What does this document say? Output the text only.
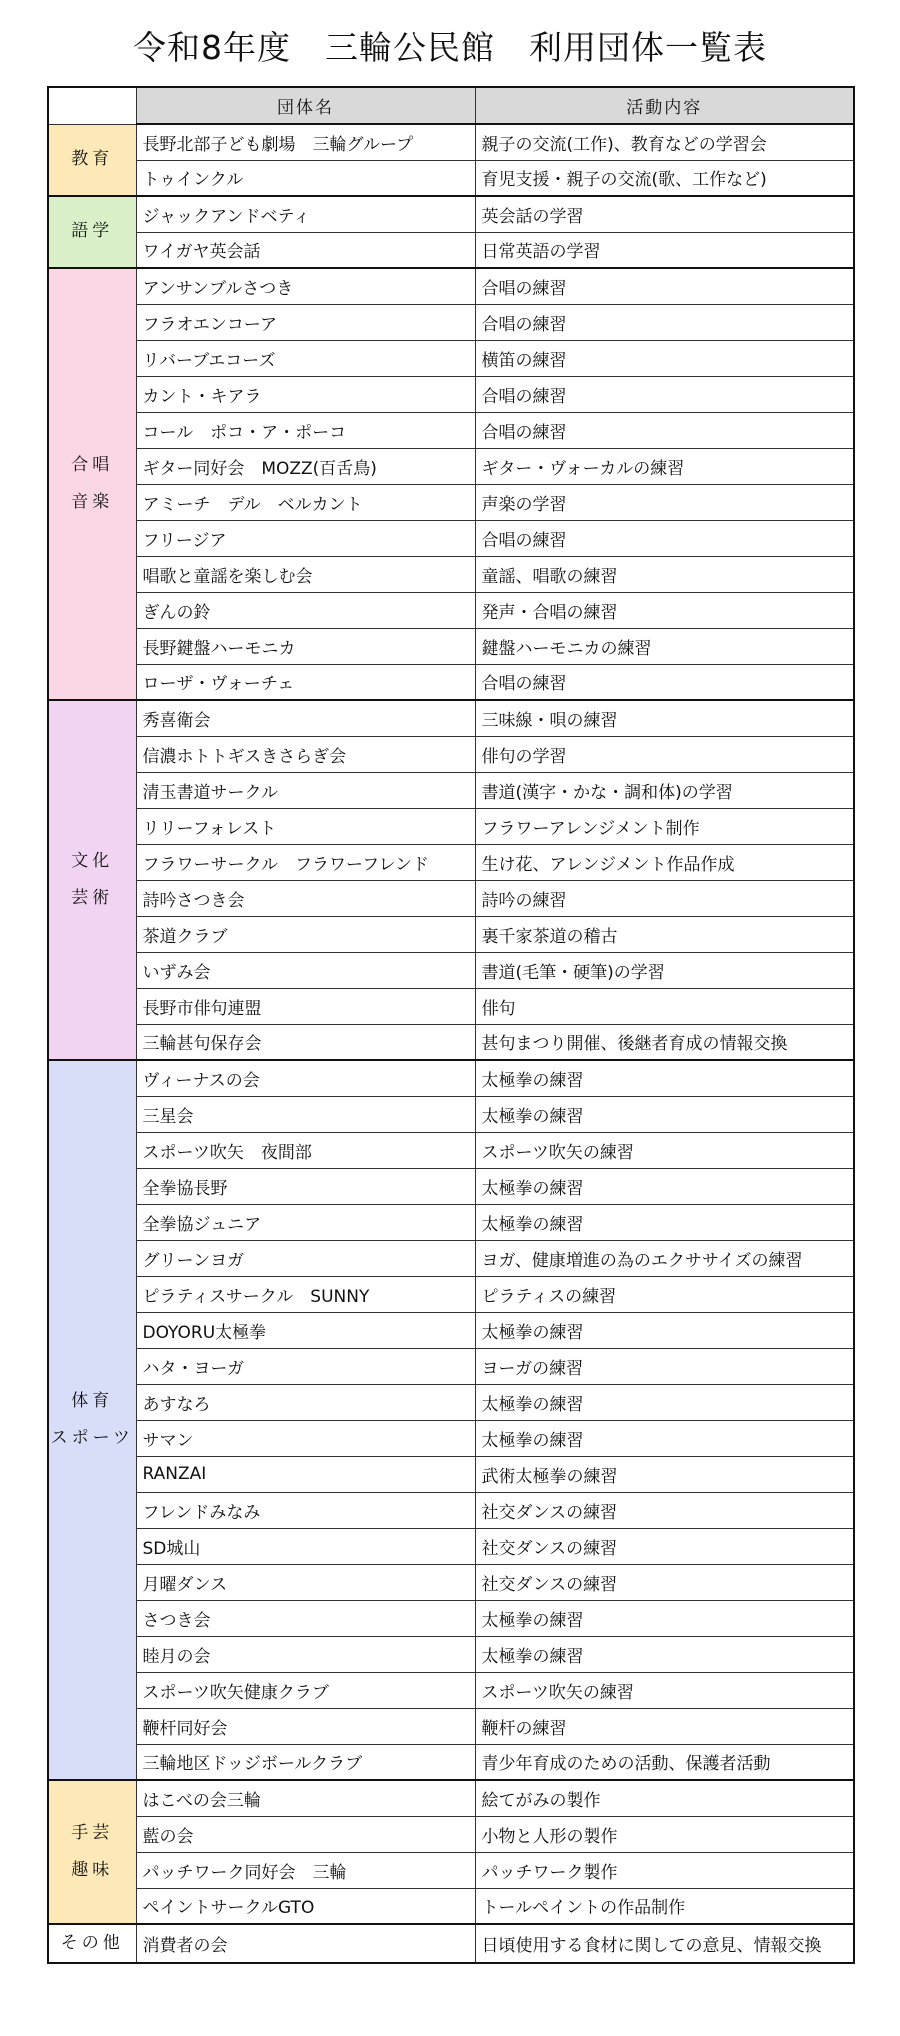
令和8年度　三輪公民館　利用団体一覧表
	団体名	活動内容
教育	長野北部子ども劇場　三輪グループ	親子の交流(工作)、教育などの学習会
	トゥインクル	育児支援・親子の交流(歌、工作など)
語学	ジャックアンドベティ	英会話の学習
	ワイガヤ英会話	日常英語の学習
合唱
音楽	アンサンブルさつき	合唱の練習
	フラオエンコーア	合唱の練習
	リバーブエコーズ	横笛の練習
	カント・キアラ	合唱の練習
	コール　ポコ・ア・ポーコ	合唱の練習
	ギター同好会　MOZZ(百舌鳥)	ギター・ヴォーカルの練習
	アミーチ　デル　ベルカント	声楽の学習
	フリージア	合唱の練習
	唱歌と童謡を楽しむ会	童謡、唱歌の練習
	ぎんの鈴	発声・合唱の練習
	長野鍵盤ハーモニカ	鍵盤ハーモニカの練習
	ローザ・ヴォーチェ	合唱の練習
文化
芸術	秀喜衛会	三味線・唄の練習
	信濃ホトトギスきさらぎ会	俳句の学習
	清玉書道サークル	書道(漢字・かな・調和体)の学習
	リリーフォレスト	フラワーアレンジメント制作
	フラワーサークル　フラワーフレンド	生け花、アレンジメント作品作成
	詩吟さつき会	詩吟の練習
	茶道クラブ	裏千家茶道の稽古
	いずみ会	書道(毛筆・硬筆)の学習
	長野市俳句連盟	俳句
	三輪甚句保存会	甚句まつり開催、後継者育成の情報交換
体育
スポーツ	ヴィーナスの会	太極拳の練習
	三星会	太極拳の練習
	スポーツ吹矢　夜間部	スポーツ吹矢の練習
	全拳協長野	太極拳の練習
	全拳協ジュニア	太極拳の練習
	グリーンヨガ	ヨガ、健康増進の為のエクササイズの練習
	ピラティスサークル　SUNNY	ピラティスの練習
	DOYORU太極拳	太極拳の練習
	ハタ・ヨーガ	ヨーガの練習
	あすなろ	太極拳の練習
	サマン	太極拳の練習
	RANZAI	武術太極拳の練習
	フレンドみなみ	社交ダンスの練習
	SD城山	社交ダンスの練習
	月曜ダンス	社交ダンスの練習
	さつき会	太極拳の練習
	睦月の会	太極拳の練習
	スポーツ吹矢健康クラブ	スポーツ吹矢の練習
	鞭杆同好会	鞭杆の練習
	三輪地区ドッジボールクラブ	青少年育成のための活動、保護者活動
手芸
趣味	はこべの会三輪	絵てがみの製作
	藍の会	小物と人形の製作
	パッチワーク同好会　三輪	パッチワーク製作
	ペイントサークルGTO	トールペイントの作品制作
その他	消費者の会	日頃使用する食材に関しての意見、情報交換
